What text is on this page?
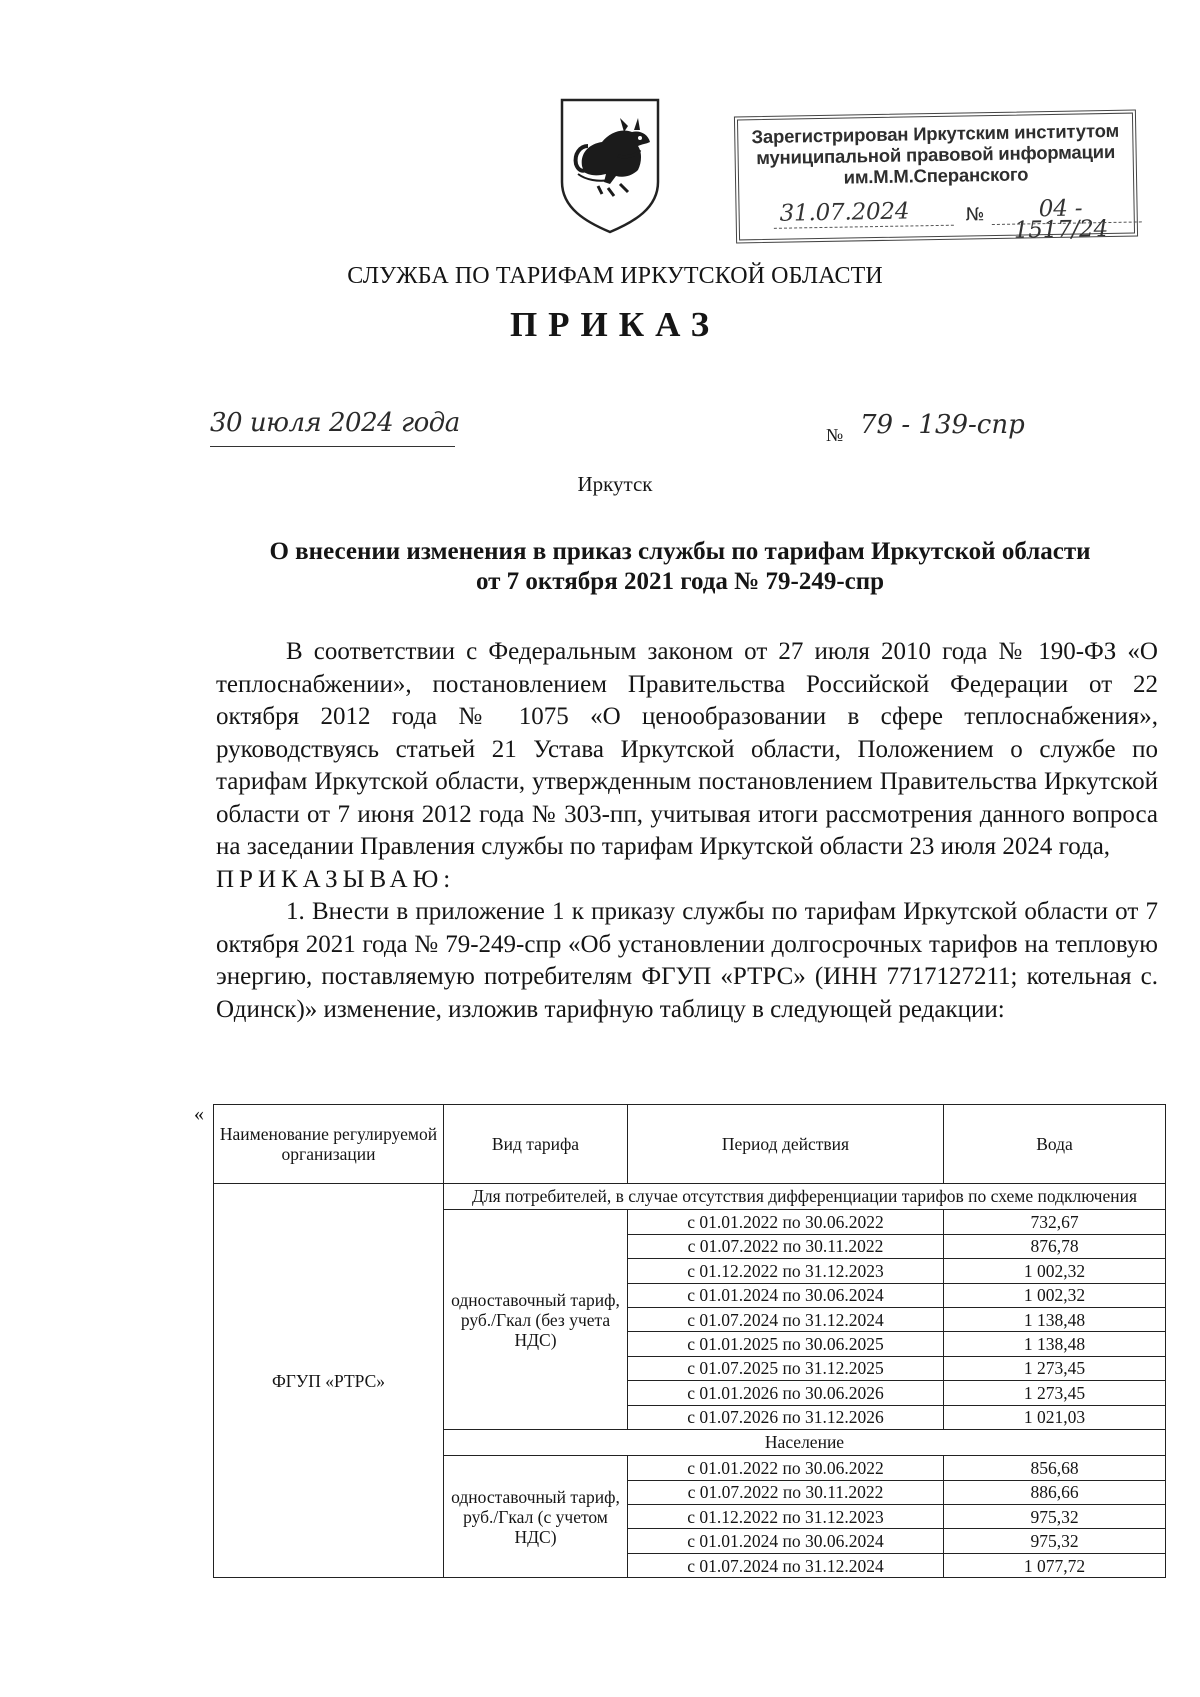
Зарегистрирован Иркутским институтом
муниципальной правовой информации
им.М.М.Сперанского
31.07.2024	№	04 - 1517/24
СЛУЖБА ПО ТАРИФАМ ИРКУТСКОЙ ОБЛАСТИ
ПРИКАЗ
30 июля 2024 года	№ 79 - 139-спр
Иркутск
О внесении изменения в приказ службы по тарифам Иркутской области
от 7 октября 2021 года № 79-249-спр

В соответствии с Федеральным законом от 27 июля 2010 года № 190-ФЗ «О теплоснабжении», постановлением Правительства Российской Федерации от 22 октября 2012 года № 1075 «О ценообразовании в сфере теплоснабжения», руководствуясь статьей 21 Устава Иркутской области, Положением о службе по тарифам Иркутской области, утвержденным постановлением Правительства Иркутской области от 7 июня 2012 года № 303-пп, учитывая итоги рассмотрения данного вопроса на заседании Правления службы по тарифам Иркутской области 23 июля 2024 года,

ПРИКАЗЫВАЮ:

1. Внести в приложение 1 к приказу службы по тарифам Иркутской области от 7 октября 2021 года № 79-249-спр «Об установлении долгосрочных тарифов на тепловую энергию, поставляемую потребителям ФГУП «РТРС» (ИНН 7717127211; котельная с. Одинск)» изменение, изложив тарифную таблицу в следующей редакции:

«
Наименование регулируемой организации	Вид тарифа	Период действия	Вода
ФГУП «РТРС»	Для потребителей, в случае отсутствия дифференциации тарифов по схеме подключения		
	одноставочный тариф, руб./Гкал (без учета НДС)	с 01.01.2022 по 30.06.2022	732,67
		с 01.07.2022 по 30.11.2022	876,78
		с 01.12.2022 по 31.12.2023	1 002,32
		с 01.01.2024 по 30.06.2024	1 002,32
		с 01.07.2024 по 31.12.2024	1 138,48
		с 01.01.2025 по 30.06.2025	1 138,48
		с 01.07.2025 по 31.12.2025	1 273,45
		с 01.01.2026 по 30.06.2026	1 273,45
		с 01.07.2026 по 31.12.2026	1 021,03
	Население		
	одноставочный тариф, руб./Гкал (с учетом НДС)	с 01.01.2022 по 30.06.2022	856,68
		с 01.07.2022 по 30.11.2022	886,66
		с 01.12.2022 по 31.12.2023	975,32
		с 01.01.2024 по 30.06.2024	975,32
		с 01.07.2024 по 31.12.2024	1 077,72
